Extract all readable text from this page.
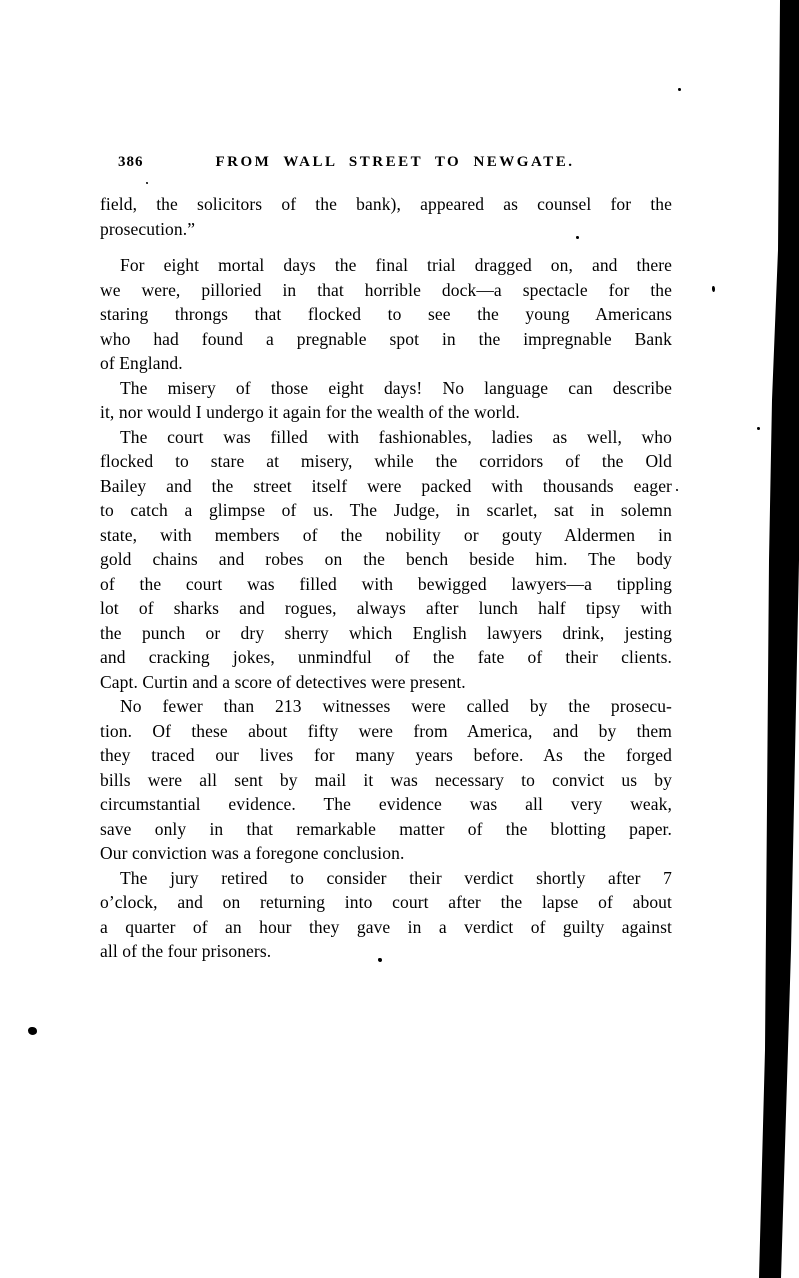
386	FROM WALL STREET TO NEWGATE.
field, the solicitors of the bank), appeared as counsel for the
prosecution.”
For eight mortal days the final trial dragged on, and there
we were, pilloried in that horrible dock—a spectacle for the
staring throngs that flocked to see the young Americans
who had found a pregnable spot in the impregnable Bank
of England.
The misery of those eight days! No language can describe
it, nor would I undergo it again for the wealth of the world.
The court was filled with fashionables, ladies as well, who
flocked to stare at misery, while the corridors of the Old
Bailey and the street itself were packed with thousands eager
to catch a glimpse of us. The Judge, in scarlet, sat in solemn
state, with members of the nobility or gouty Aldermen in
gold chains and robes on the bench beside him. The body
of the court was filled with bewigged lawyers—a tippling
lot of sharks and rogues, always after lunch half tipsy with
the punch or dry sherry which English lawyers drink, jesting
and cracking jokes, unmindful of the fate of their clients.
Capt. Curtin and a score of detectives were present.
No fewer than 213 witnesses were called by the prosecu-
tion. Of these about fifty were from America, and by them
they traced our lives for many years before. As the forged
bills were all sent by mail it was necessary to convict us by
circumstantial evidence. The evidence was all very weak,
save only in that remarkable matter of the blotting paper.
Our conviction was a foregone conclusion.
The jury retired to consider their verdict shortly after 7
o’clock, and on returning into court after the lapse of about
a quarter of an hour they gave in a verdict of guilty against
all of the four prisoners.
